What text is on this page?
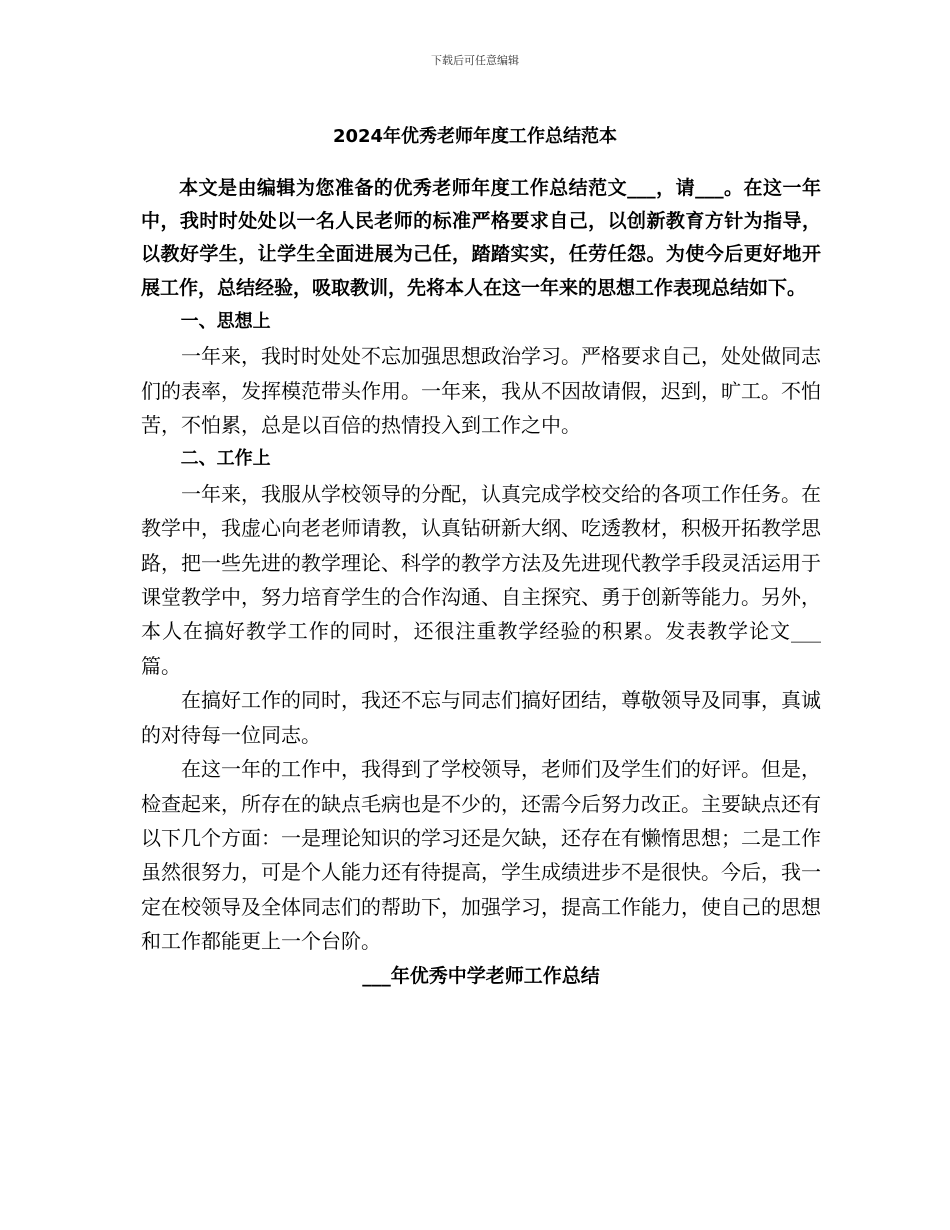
下载后可任意编辑
2024年优秀老师年度工作总结范本

本文是由编辑为您准备的优秀老师年度工作总结范文___，请___。在这一年中，我时时处处以一名人民老师的标准严格要求自己，以创新教育方针为指导，以教好学生，让学生全面进展为己任，踏踏实实，任劳任怨。为使今后更好地开展工作，总结经验，吸取教训，先将本人在这一年来的思想工作表现总结如下。

一、思想上

一年来，我时时处处不忘加强思想政治学习。严格要求自己，处处做同志们的表率，发挥模范带头作用。一年来，我从不因故请假，迟到，旷工。不怕苦，不怕累，总是以百倍的热情投入到工作之中。

二、工作上

一年来，我服从学校领导的分配，认真完成学校交给的各项工作任务。在教学中，我虚心向老老师请教，认真钻研新大纲、吃透教材，积极开拓教学思路，把一些先进的教学理论、科学的教学方法及先进现代教学手段灵活运用于课堂教学中，努力培育学生的合作沟通、自主探究、勇于创新等能力。另外，本人在搞好教学工作的同时，还很注重教学经验的积累。发表教学论文___篇。

在搞好工作的同时，我还不忘与同志们搞好团结，尊敬领导及同事，真诚的对待每一位同志。

在这一年的工作中，我得到了学校领导，老师们及学生们的好评。但是，检查起来，所存在的缺点毛病也是不少的，还需今后努力改正。主要缺点还有以下几个方面：一是理论知识的学习还是欠缺，还存在有懒惰思想；二是工作虽然很努力，可是个人能力还有待提高，学生成绩进步不是很快。今后，我一定在校领导及全体同志们的帮助下，加强学习，提高工作能力，使自己的思想和工作都能更上一个台阶。

___年优秀中学老师工作总结
